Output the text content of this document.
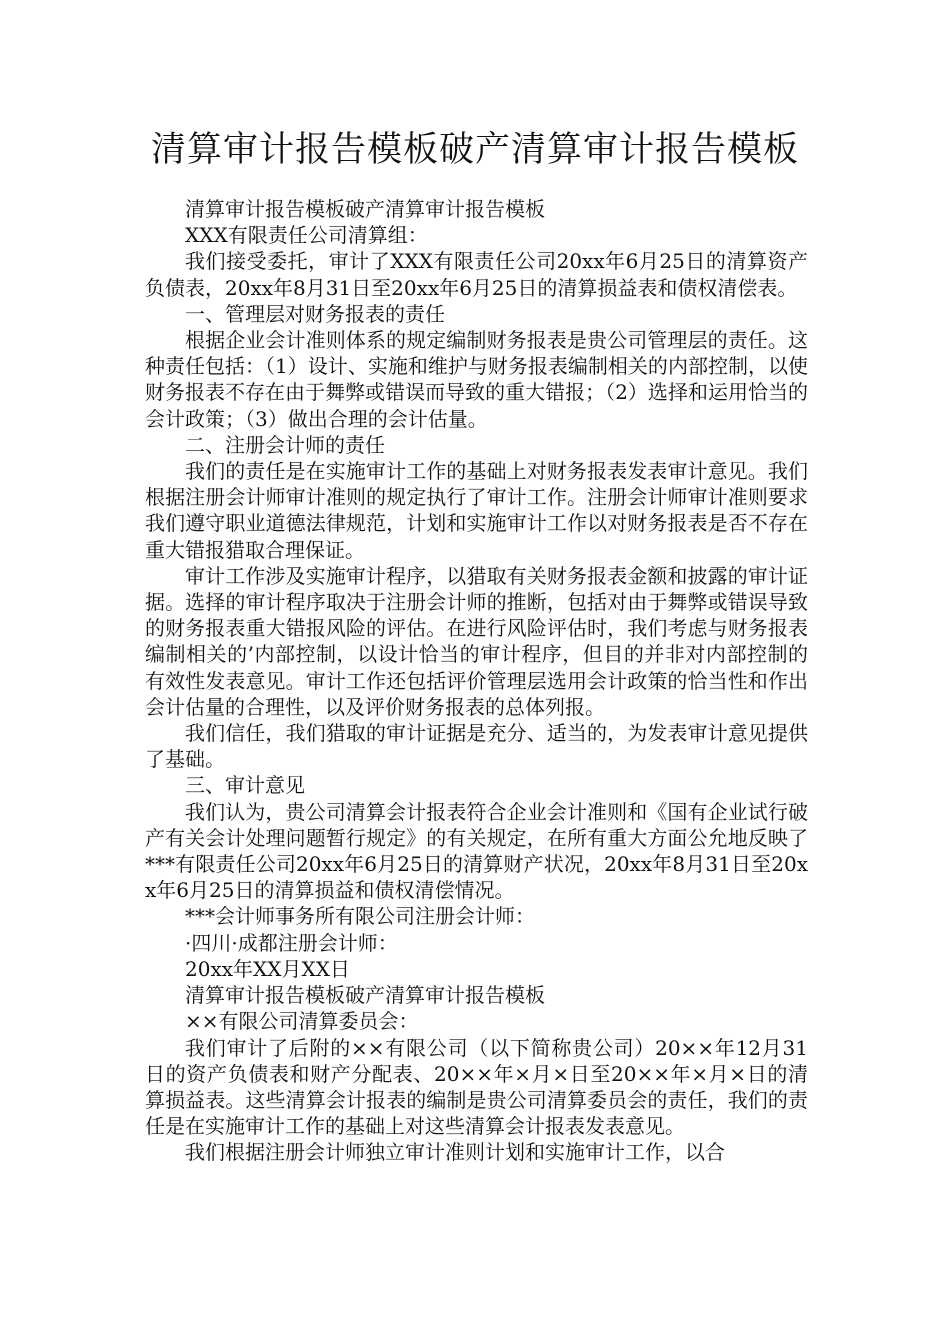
清算审计报告模板破产清算审计报告模板

清算审计报告模板破产清算审计报告模板

XXX有限责任公司清算组：

我们接受委托，审计了XXX有限责任公司20xx年6月25日的清算资产负债表，20xx年8月31日至20xx年6月25日的清算损益表和债权清偿表。

一、管理层对财务报表的责任

根据企业会计准则体系的规定编制财务报表是贵公司管理层的责任。这种责任包括：（1）设计、实施和维护与财务报表编制相关的内部控制，以使财务报表不存在由于舞弊或错误而导致的重大错报；（2）选择和运用恰当的会计政策；（3）做出合理的会计估量。

二、注册会计师的责任

我们的责任是在实施审计工作的基础上对财务报表发表审计意见。我们根据注册会计师审计准则的规定执行了审计工作。注册会计师审计准则要求我们遵守职业道德法律规范，计划和实施审计工作以对财务报表是否不存在重大错报猎取合理保证。

审计工作涉及实施审计程序，以猎取有关财务报表金额和披露的审计证据。选择的审计程序取决于注册会计师的推断，包括对由于舞弊或错误导致的财务报表重大错报风险的评估。在进行风险评估时，我们考虑与财务报表编制相关的’内部控制，以设计恰当的审计程序，但目的并非对内部控制的有效性发表意见。审计工作还包括评价管理层选用会计政策的恰当性和作出会计估量的合理性，以及评价财务报表的总体列报。

我们信任，我们猎取的审计证据是充分、适当的，为发表审计意见提供了基础。

三、审计意见

我们认为，贵公司清算会计报表符合企业会计准则和《国有企业试行破产有关会计处理问题暂行规定》的有关规定，在所有重大方面公允地反映了***有限责任公司20xx年6月25日的清算财产状况，20xx年8月31日至20xx年6月25日的清算损益和债权清偿情况。

***会计师事务所有限公司注册会计师：

·四川·成都注册会计师：

20xx年XX月XX日

清算审计报告模板破产清算审计报告模板

××有限公司清算委员会：

我们审计了后附的××有限公司（以下简称贵公司）20××年12月31日的资产负债表和财产分配表、20××年×月×日至20××年×月×日的清算损益表。这些清算会计报表的编制是贵公司清算委员会的责任，我们的责任是在实施审计工作的基础上对这些清算会计报表发表意见。

我们根据注册会计师独立审计准则计划和实施审计工作，以合
